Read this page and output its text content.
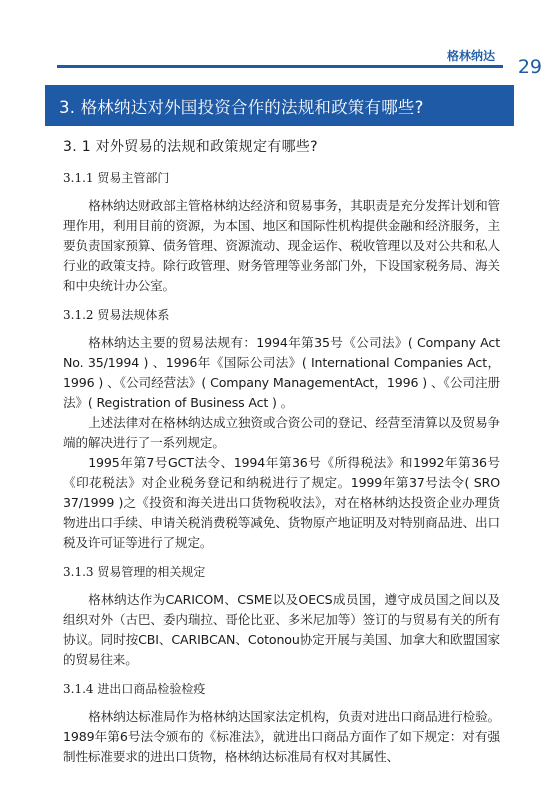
格林纳达 29
3. 格林纳达对外国投资合作的法规和政策有哪些?
3. 1 对外贸易的法规和政策规定有哪些?
3.1.1 贸易主管部门

格林纳达财政部主管格林纳达经济和贸易事务，其职责是充分发挥计划和管理作用，利用目前的资源，为本国、地区和国际性机构提供金融和经济服务，主要负责国家预算、债务管理、资源流动、现金运作、税收管理以及对公共和私人行业的政策支持。除行政管理、财务管理等业务部门外，下设国家税务局、海关和中央统计办公室。

3.1.2 贸易法规体系

格林纳达主要的贸易法规有：1994年第35号《公司法》( Company Act No. 35/1994 ) 、1996年《国际公司法》( International Companies Act，1996 ) 、《公司经营法》( Company ManagementAct，1996 ) 、《公司注册法》( Registration of Business Act ) 。

上述法律对在格林纳达成立独资或合资公司的登记、经营至清算以及贸易争端的解决进行了一系列规定。

1995年第7号GCT法令、1994年第36号《所得税法》和1992年第36号《印花税法》对企业税务登记和纳税进行了规定。1999年第37号法令( SRO 37/1999 )之《投资和海关进出口货物税收法》，对在格林纳达投资企业办理货物进出口手续、申请关税消费税等减免、货物原产地证明及对特别商品进、出口税及许可证等进行了规定。

3.1.3 贸易管理的相关规定

格林纳达作为CARICOM、CSME以及OECS成员国，遵守成员国之间以及组织对外（古巴、委内瑞拉、哥伦比亚、多米尼加等）签订的与贸易有关的所有协议。同时按CBI、CARIBCAN、Cotonou协定开展与美国、加拿大和欧盟国家的贸易往来。

3.1.4 进出口商品检验检疫

格林纳达标准局作为格林纳达国家法定机构，负责对进出口商品进行检验。1989年第6号法令颁布的《标准法》，就进出口商品方面作了如下规定：对有强制性标准要求的进出口货物，格林纳达标准局有权对其属性、
